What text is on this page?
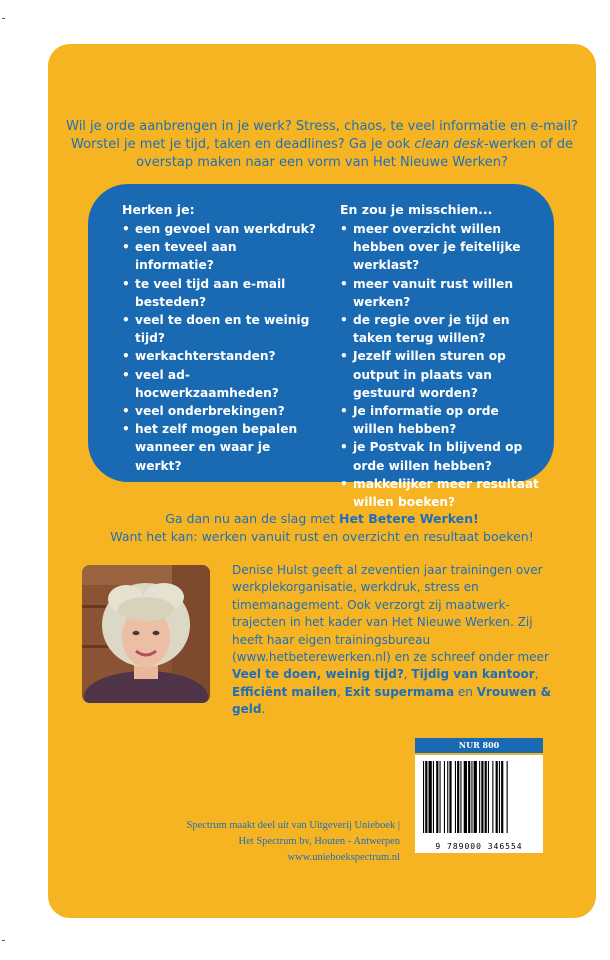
Wil je orde aanbrengen in je werk? Stress, chaos, te veel informatie en e-mail? Worstel je met je tijd, taken en deadlines? Ga je ook clean desk-werken of de overstap maken naar een vorm van Het Nieuwe Werken?

Herken je:
• een gevoel van werkdruk?
• een teveel aan informatie?
• te veel tijd aan e-mail besteden?
• veel te doen en te weinig tijd?
• werkachterstanden?
• veel ad-hocwerkzaamheden?
• veel onderbrekingen?
• het zelf mogen bepalen wanneer en waar je werkt?
En zou je misschien...
• meer overzicht willen hebben over je feitelijke werklast?
• meer vanuit rust willen werken?
• de regie over je tijd en taken terug willen?
• Jezelf willen sturen op output in plaats van gestuurd worden?
• Je informatie op orde willen hebben?
• je Postvak In blijvend op orde willen hebben?
• makkelijker meer resultaat willen boeken?

Ga dan nu aan de slag met Het Betere Werken!
Want het kan: werken vanuit rust en overzicht en resultaat boeken!

Denise Hulst geeft al zeventien jaar trainingen over werkplekorganisatie, werkdruk, stress en timemanagement. Ook verzorgt zij maatwerk-trajecten in het kader van Het Nieuwe Werken. Zij heeft haar eigen trainingsbureau (www.hetbeterewerken.nl) en ze schreef onder meer Veel te doen, weinig tijd?, Tijdig van kantoor, Efficiënt mailen, Exit supermama en Vrouwen & geld.

NUR 800
9 789000 346554
Spectrum maakt deel uit van Uitgeverij Unieboek |
Het Spectrum bv, Houten - Antwerpen
www.unieboekspectrum.nl
